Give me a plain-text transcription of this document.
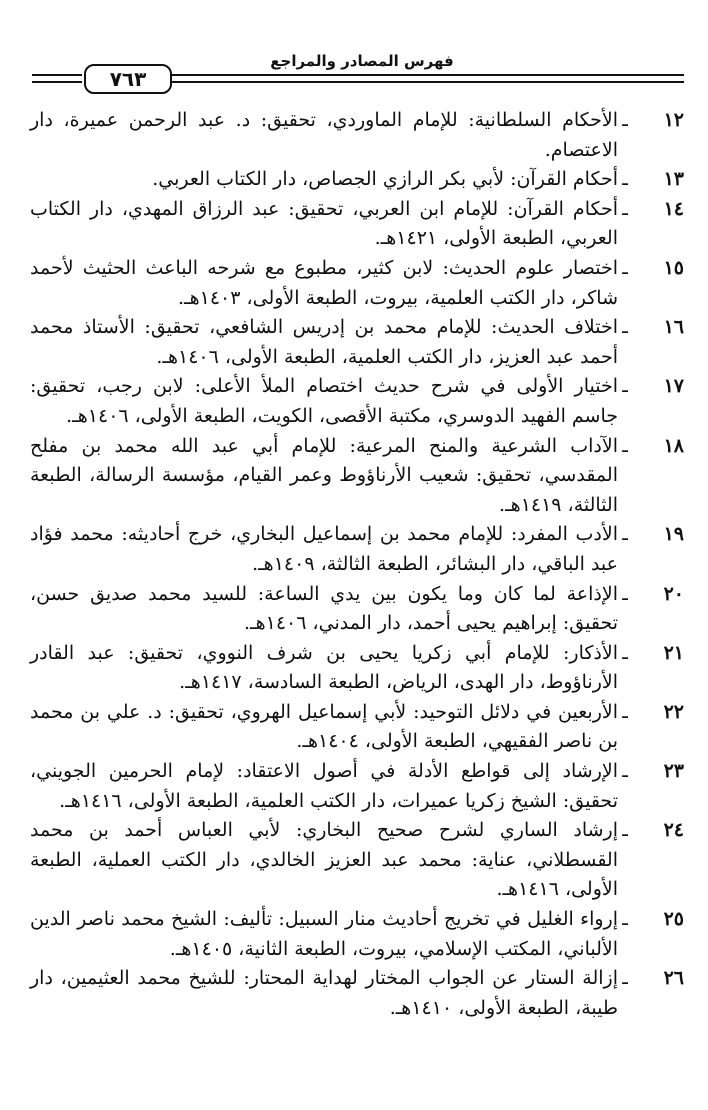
فهرس المصادر والمراجع
٧٦٣
١٢
ـ
الأحكام السلطانية: للإمام الماوردي، تحقيق: د. عبد الرحمن عميرة، دار الاعتصام.
١٣
ـ
أحكام القرآن: لأبي بكر الرازي الجصاص، دار الكتاب العربي.
١٤
ـ
أحكام القرآن: للإمام ابن العربي، تحقيق: عبد الرزاق المهدي، دار الكتاب العربي، الطبعة الأولى، ١٤٢١هـ.
١٥
ـ
اختصار علوم الحديث: لابن كثير، مطبوع مع شرحه الباعث الحثيث لأحمد شاكر، دار الكتب العلمية، بيروت، الطبعة الأولى، ١٤٠٣هـ.
١٦
ـ
اختلاف الحديث: للإمام محمد بن إدريس الشافعي، تحقيق: الأستاذ محمد أحمد عبد العزيز، دار الكتب العلمية، الطبعة الأولى، ١٤٠٦هـ.
١٧
ـ
اختيار الأولى في شرح حديث اختصام الملأ الأعلى: لابن رجب، تحقيق: جاسم الفهيد الدوسري، مكتبة الأقصى، الكويت، الطبعة الأولى، ١٤٠٦هـ.
١٨
ـ
الآداب الشرعية والمنح المرعية: للإمام أبي عبد الله محمد بن مفلح المقدسي، تحقيق: شعيب الأرناؤوط وعمر القيام، مؤسسة الرسالة، الطبعة الثالثة، ١٤١٩هـ.
١٩
ـ
الأدب المفرد: للإمام محمد بن إسماعيل البخاري، خرج أحاديثه: محمد فؤاد عبد الباقي، دار البشائر، الطبعة الثالثة، ١٤٠٩هـ.
٢٠
ـ
الإذاعة لما كان وما يكون بين يدي الساعة: للسيد محمد صديق حسن، تحقيق: إبراهيم يحيى أحمد، دار المدني، ١٤٠٦هـ.
٢١
ـ
الأذكار: للإمام أبي زكريا يحيى بن شرف النووي، تحقيق: عبد القادر الأرناؤوط، دار الهدى، الرياض، الطبعة السادسة، ١٤١٧هـ.
٢٢
ـ
الأربعين في دلائل التوحيد: لأبي إسماعيل الهروي، تحقيق: د. علي بن محمد بن ناصر الفقيهي، الطبعة الأولى، ١٤٠٤هـ.
٢٣
ـ
الإرشاد إلى قواطع الأدلة في أصول الاعتقاد: لإمام الحرمين الجويني، تحقيق: الشيخ زكريا عميرات، دار الكتب العلمية، الطبعة الأولى، ١٤١٦هـ.
٢٤
ـ
إرشاد الساري لشرح صحيح البخاري: لأبي العباس أحمد بن محمد القسطلاني، عناية: محمد عبد العزيز الخالدي، دار الكتب العملية، الطبعة الأولى، ١٤١٦هـ.
٢٥
ـ
إرواء الغليل في تخريج أحاديث منار السبيل: تأليف: الشيخ محمد ناصر الدين الألباني، المكتب الإسلامي، بيروت، الطبعة الثانية، ١٤٠٥هـ.
٢٦
ـ
إزالة الستار عن الجواب المختار لهداية المحتار: للشيخ محمد العثيمين، دار طيبة، الطبعة الأولى، ١٤١٠هـ.
